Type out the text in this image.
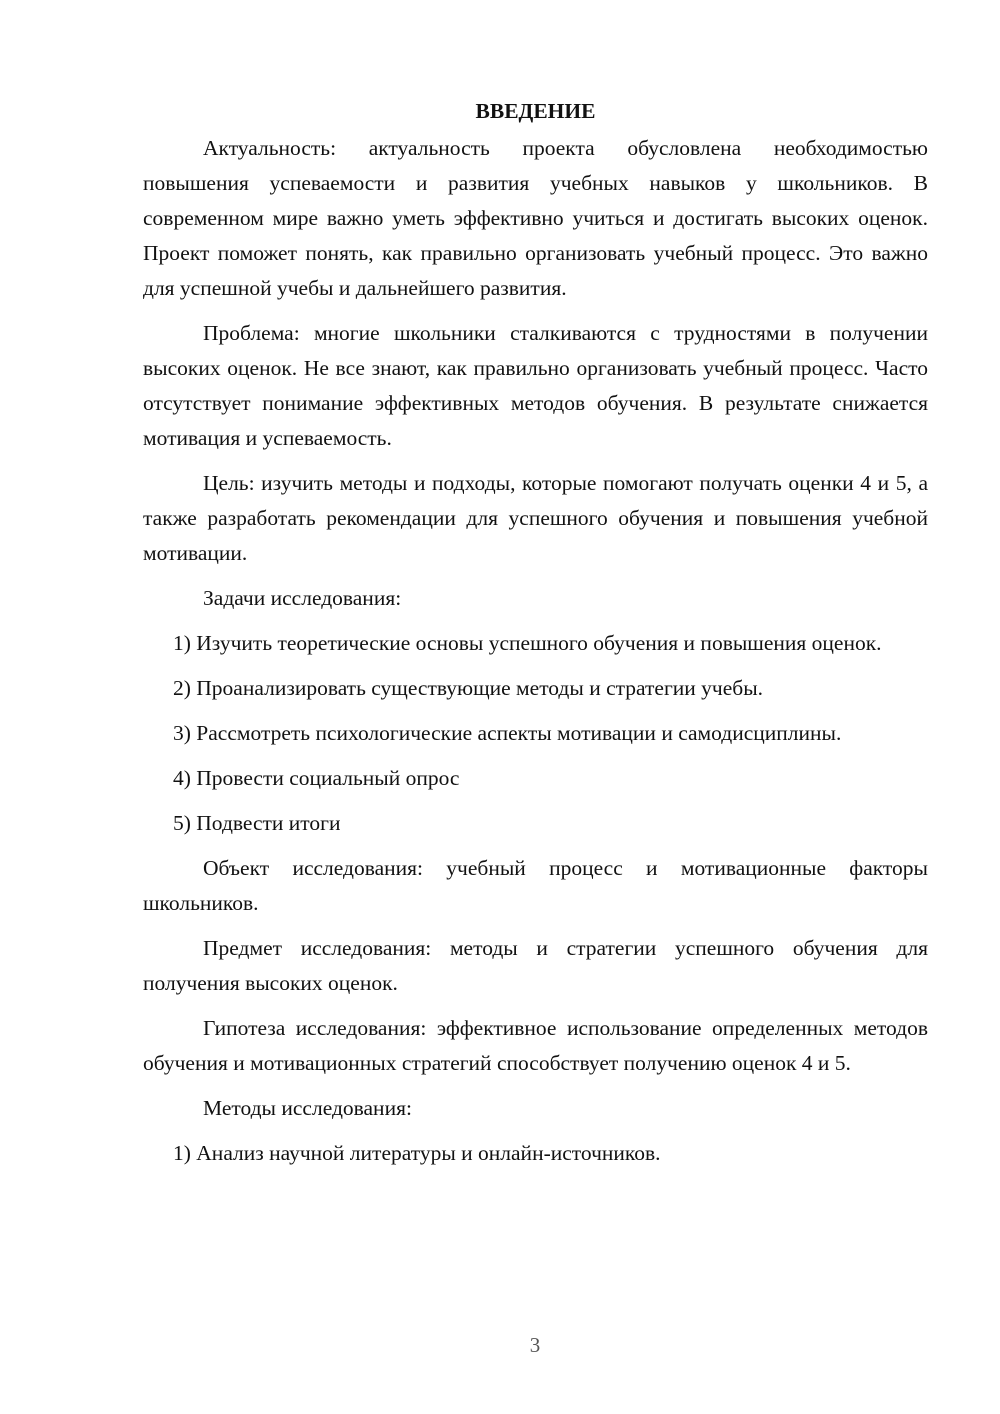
ВВЕДЕНИЕ

Актуальность: актуальность проекта обусловлена необходимостью повышения успеваемости и развития учебных навыков у школьников. В современном мире важно уметь эффективно учиться и достигать высоких оценок. Проект поможет понять, как правильно организовать учебный процесс. Это важно для успешной учебы и дальнейшего развития.

Проблема: многие школьники сталкиваются с трудностями в получении высоких оценок. Не все знают, как правильно организовать учебный процесс. Часто отсутствует понимание эффективных методов обучения. В результате снижается мотивация и успеваемость.

Цель: изучить методы и подходы, которые помогают получать оценки 4 и 5, а также разработать рекомендации для успешного обучения и повышения учебной мотивации.

Задачи исследования:

1) Изучить теоретические основы успешного обучения и повышения оценок.

2) Проанализировать существующие методы и стратегии учебы.

3) Рассмотреть психологические аспекты мотивации и самодисциплины.

4) Провести социальный опрос

5) Подвести итоги

Объект исследования: учебный процесс и мотивационные факторы школьников.

Предмет исследования: методы и стратегии успешного обучения для получения высоких оценок.

Гипотеза исследования: эффективное использование определенных методов обучения и мотивационных стратегий способствует получению оценок 4 и 5.

Методы исследования:

1) Анализ научной литературы и онлайн-источников.

3
